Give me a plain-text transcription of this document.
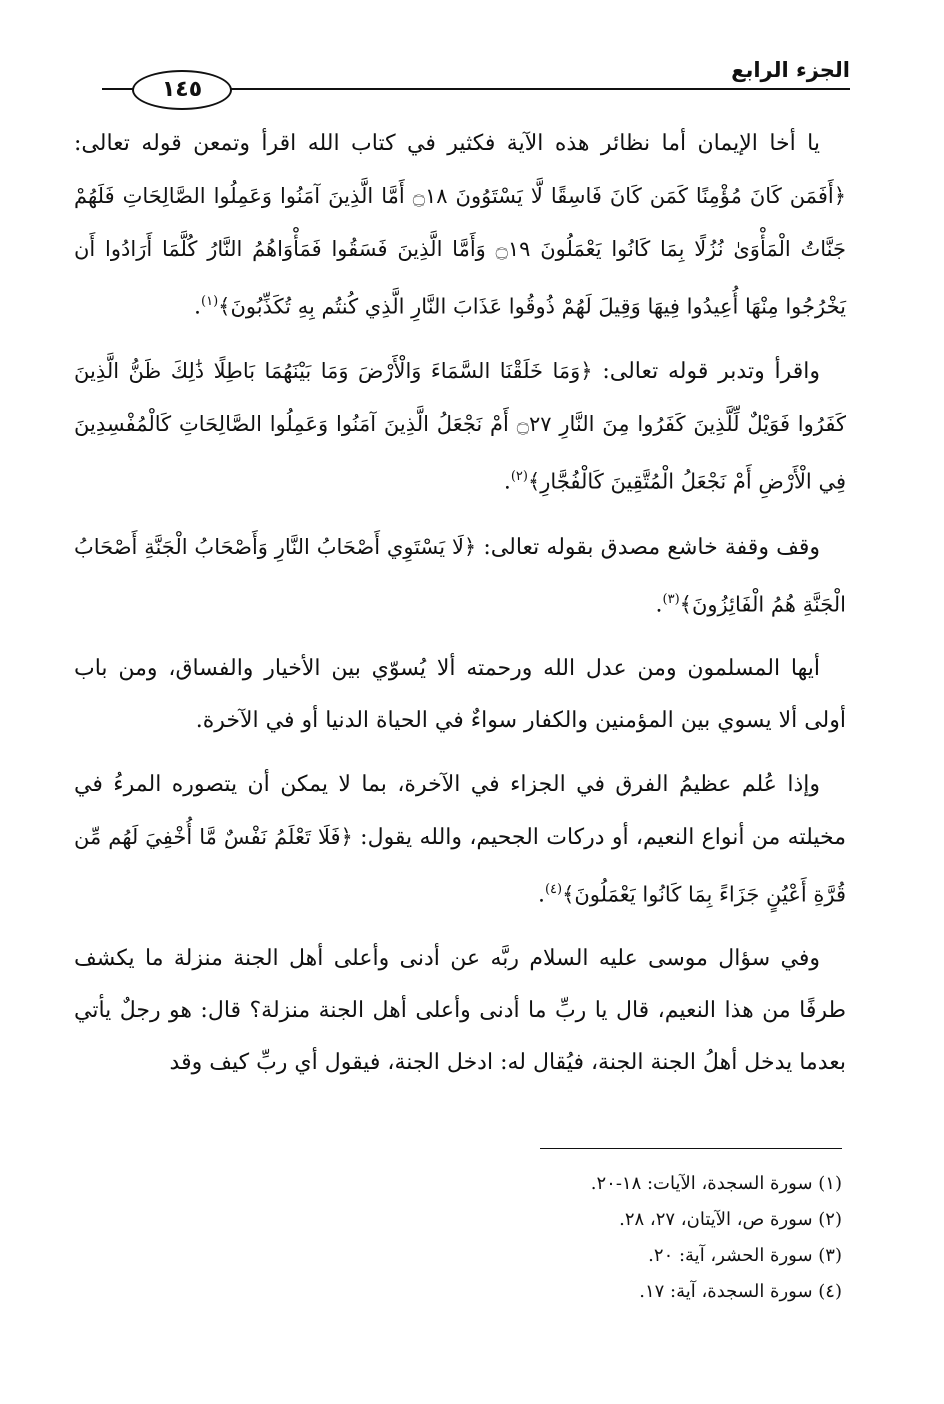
الجزء الرابع
١٤٥

يا أخا الإيمان أما نظائر هذه الآية فكثير في كتاب الله اقرأ وتمعن قوله تعالى: ﴿أَفَمَن كَانَ مُؤْمِنًا كَمَن كَانَ فَاسِقًا لَّا يَسْتَوُونَ ۝١٨ أَمَّا الَّذِينَ آمَنُوا وَعَمِلُوا الصَّالِحَاتِ فَلَهُمْ جَنَّاتُ الْمَأْوَىٰ نُزُلًا بِمَا كَانُوا يَعْمَلُونَ ۝١٩ وَأَمَّا الَّذِينَ فَسَقُوا فَمَأْوَاهُمُ النَّارُ كُلَّمَا أَرَادُوا أَن يَخْرُجُوا مِنْهَا أُعِيدُوا فِيهَا وَقِيلَ لَهُمْ ذُوقُوا عَذَابَ النَّارِ الَّذِي كُنتُم بِهِ تُكَذِّبُونَ﴾$^{(١)}$.

واقرأ وتدبر قوله تعالى: ﴿وَمَا خَلَقْنَا السَّمَاءَ وَالْأَرْضَ وَمَا بَيْنَهُمَا بَاطِلًا ذَٰلِكَ ظَنُّ الَّذِينَ كَفَرُوا فَوَيْلٌ لِّلَّذِينَ كَفَرُوا مِنَ النَّارِ ۝٢٧ أَمْ نَجْعَلُ الَّذِينَ آمَنُوا وَعَمِلُوا الصَّالِحَاتِ كَالْمُفْسِدِينَ فِي الْأَرْضِ أَمْ نَجْعَلُ الْمُتَّقِينَ كَالْفُجَّارِ﴾$^{(٢)}$.

وقف وقفة خاشع مصدق بقوله تعالى: ﴿لَا يَسْتَوِي أَصْحَابُ النَّارِ وَأَصْحَابُ الْجَنَّةِ أَصْحَابُ الْجَنَّةِ هُمُ الْفَائِزُونَ﴾$^{(٣)}$.

أيها المسلمون ومن عدل الله ورحمته ألا يُسوّي بين الأخيار والفساق، ومن باب أولى ألا يسوي بين المؤمنين والكفار سواءٌ في الحياة الدنيا أو في الآخرة.

وإذا عُلم عظيمُ الفرق في الجزاء في الآخرة، بما لا يمكن أن يتصوره المرءُ في مخيلته من أنواع النعيم، أو دركات الجحيم، والله يقول: ﴿فَلَا تَعْلَمُ نَفْسٌ مَّا أُخْفِيَ لَهُم مِّن قُرَّةِ أَعْيُنٍ جَزَاءً بِمَا كَانُوا يَعْمَلُونَ﴾$^{(٤)}$.

وفي سؤال موسى عليه السلام ربَّه عن أدنى وأعلى أهل الجنة منزلة ما يكشف طرفًا من هذا النعيم، قال يا ربِّ ما أدنى وأعلى أهل الجنة منزلة؟ قال: هو رجلٌ يأتي بعدما يدخل أهلُ الجنة الجنة، فيُقال له: ادخل الجنة، فيقول أي ربِّ كيف وقد

(١) سورة السجدة، الآيات: ١٨-٢٠.

(٢) سورة ص، الآيتان، ٢٧، ٢٨.

(٣) سورة الحشر، آية: ٢٠.

(٤) سورة السجدة، آية: ١٧.
